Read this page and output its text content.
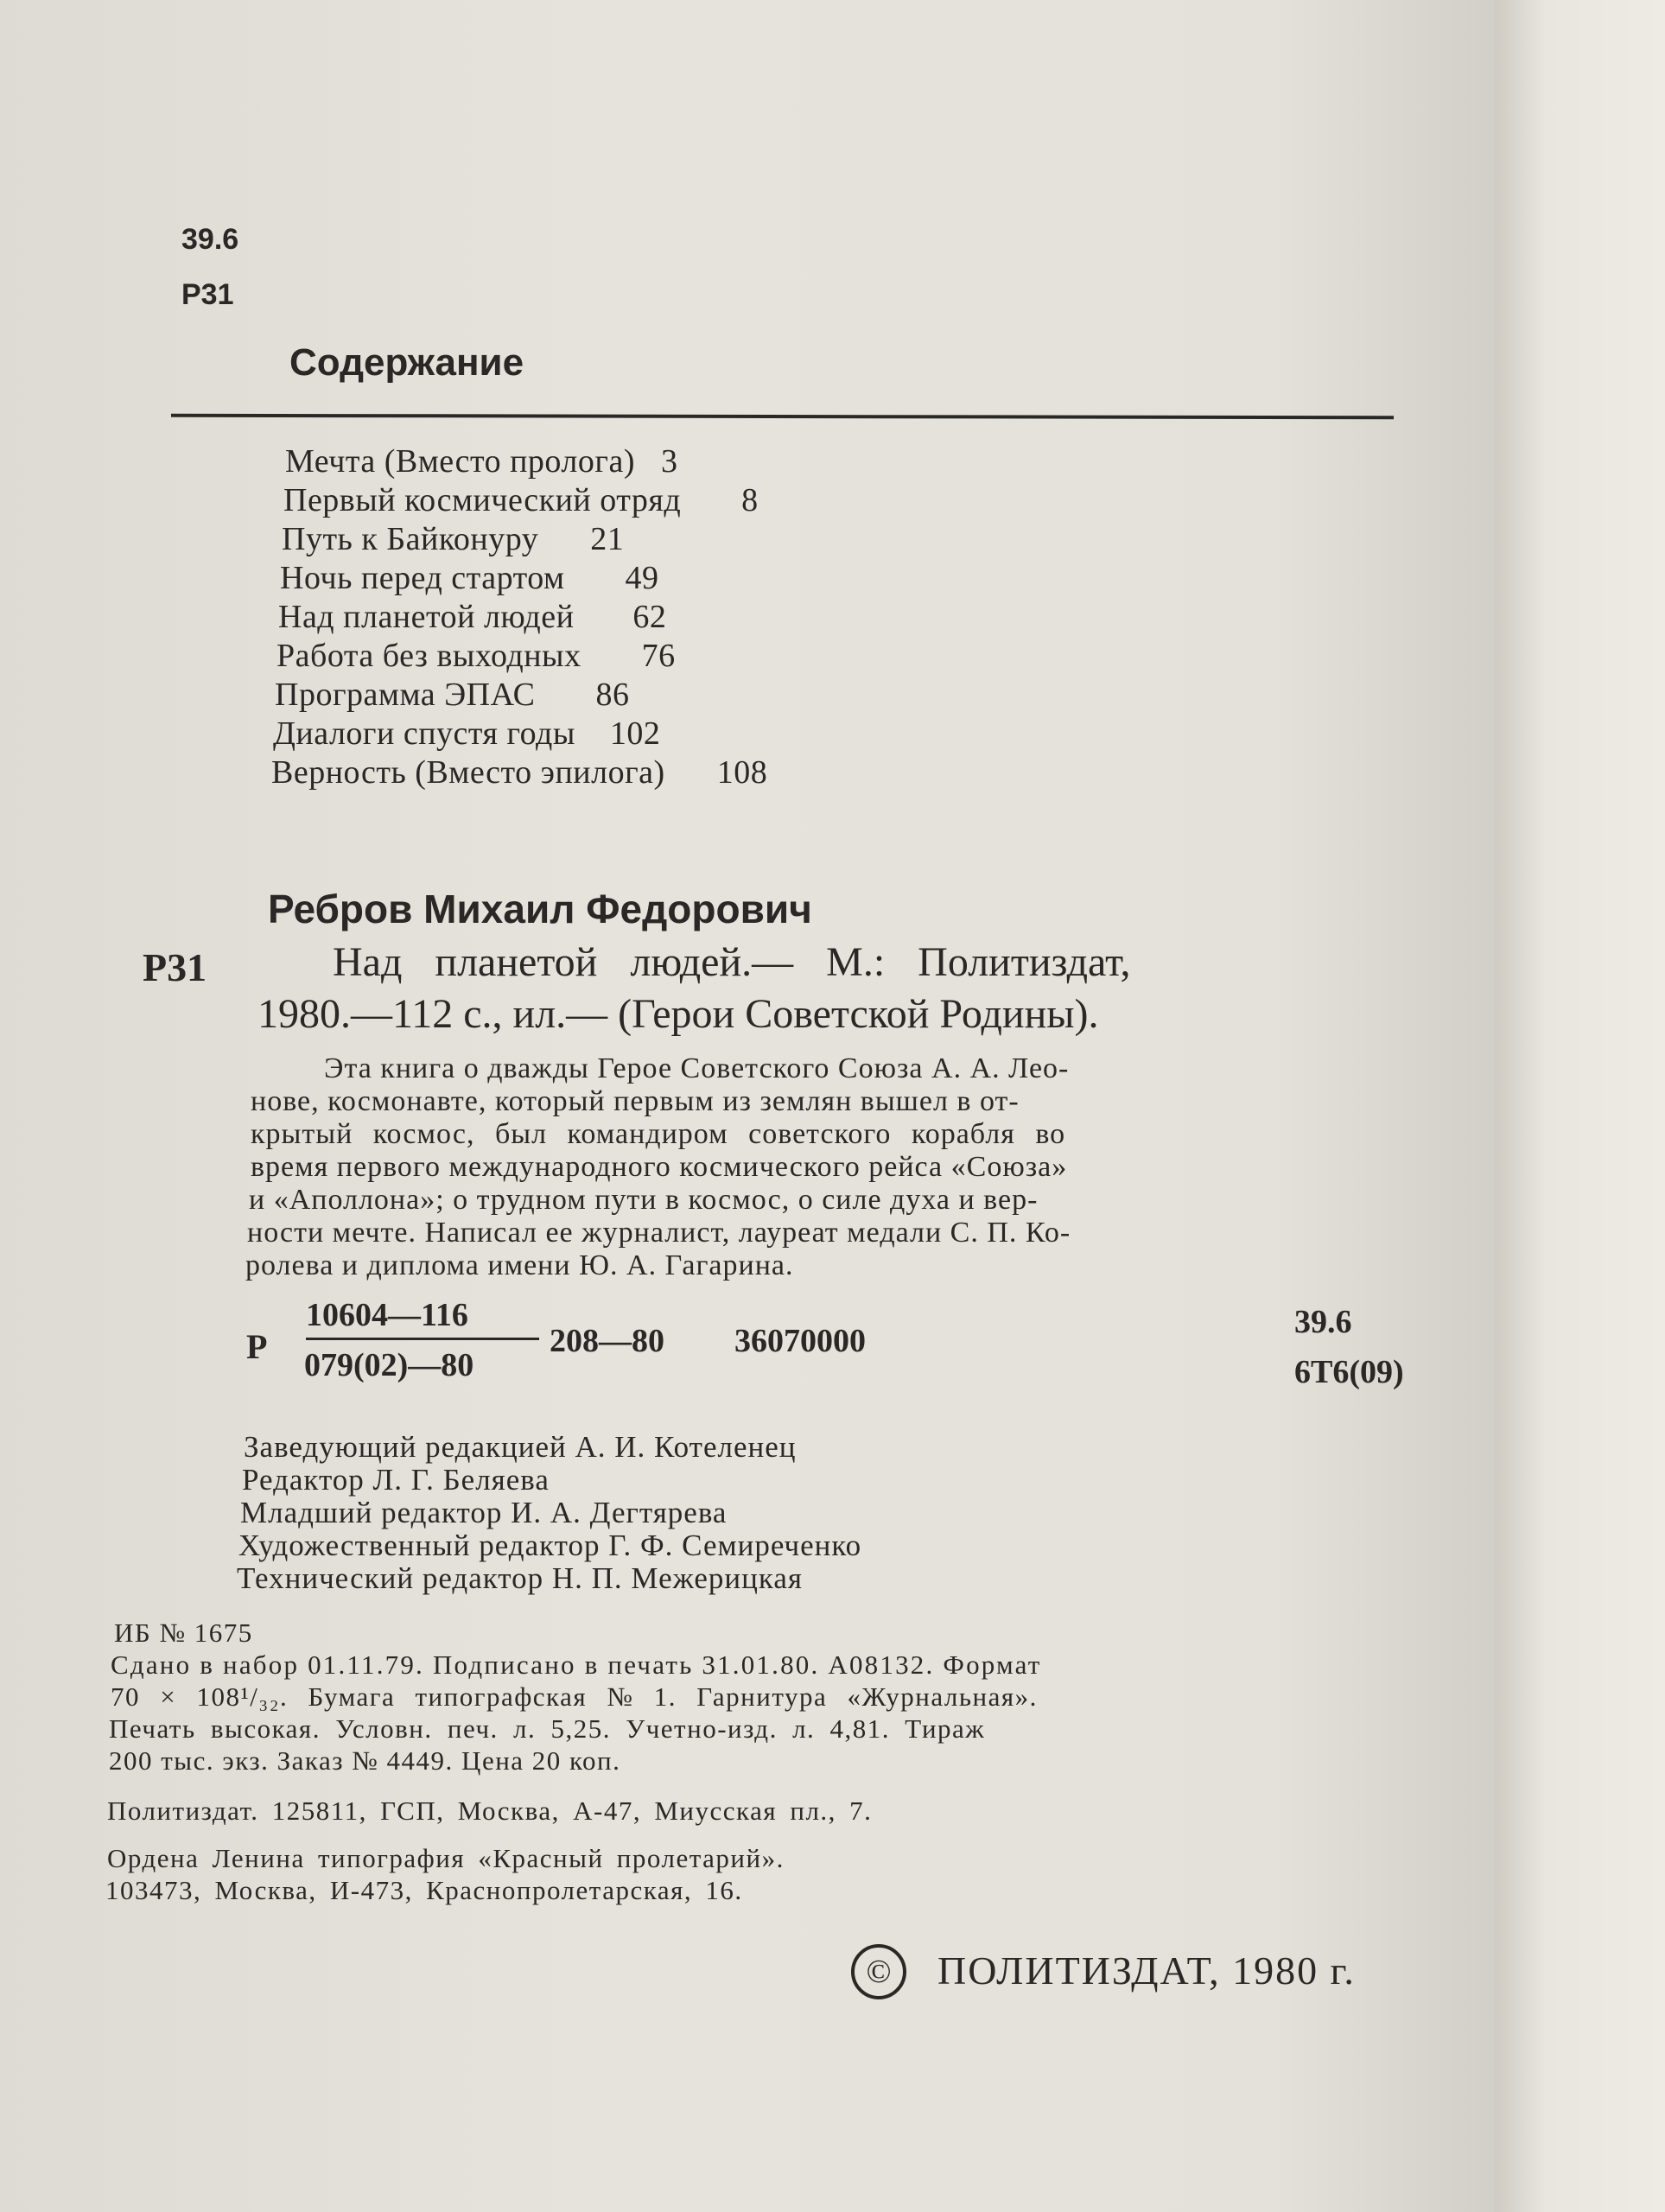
39.6
Р31
Содержание
Мечта (Вместо пролога) 3
Первый космический отряд 8
Путь к Байконуру 21
Ночь перед стартом 49
Над планетой людей 62
Работа без выходных 76
Программа ЭПАС 86
Диалоги спустя годы 102
Верность (Вместо эпилога) 108
Ребров Михаил Федорович
Р31	Над планетой людей.— М.: Политиздат,
1980.—112 с., ил.— (Герои Советской Родины).
Эта книга о дважды Герое Советского Союза А. А. Лео-
нове, космонавте, который первым из землян вышел в от-
крытый космос, был командиром советского корабля во
время первого международного космического рейса «Союза»
и «Аполлона»; о трудном пути в космос, о силе духа и вер-
ности мечте. Написал ее журналист, лауреат медали С. П. Ко-
ролева и диплома имени Ю. А. Гагарина.
Р
10604—116
079(02)—80
208—80 36070000
39.6
6Т6(09)
Заведующий редакцией А. И. Котеленец
Редактор Л. Г. Беляева
Младший редактор И. А. Дегтярева
Художественный редактор Г. Ф. Семиреченко
Технический редактор Н. П. Межерицкая
ИБ № 1675
Сдано в набор 01.11.79. Подписано в печать 31.01.80. А08132. Формат
70 × 108¹/₃₂. Бумага типографская № 1. Гарнитура «Журнальная».
Печать высокая. Условн. печ. л. 5,25. Учетно-изд. л. 4,81. Тираж
200 тыс. экз. Заказ № 4449. Цена 20 коп.
Политиздат. 125811, ГСП, Москва, А-47, Миусская пл., 7.
Ордена Ленина типография «Красный пролетарий».
103473, Москва, И-473, Краснопролетарская, 16.
©	ПОЛИТИЗДАТ, 1980 г.
